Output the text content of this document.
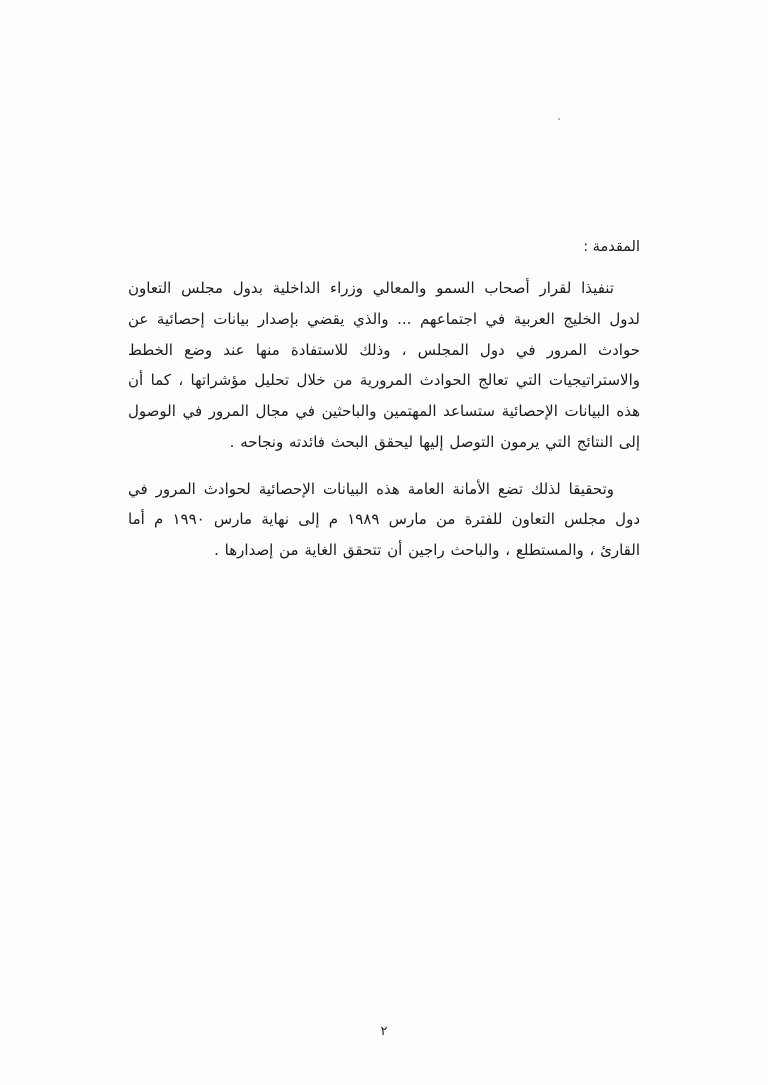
المقدمة :

تنفيذا لقرار أصحاب السمو والمعالي وزراء الداخلية بدول مجلس التعاون لدول الخليج العربية في اجتماعهم ... والذي يقضي بإصدار بيانات إحصائية عن حوادث المرور في دول المجلس ، وذلك للاستفادة منها عند وضع الخطط والاستراتيجيات التي تعالج الحوادث المرورية من خلال تحليل مؤشراتها ، كما أن هذه البيانات الإحصائية ستساعد المهتمين والباحثين في مجال المرور في الوصول إلى النتائج التي يرمون التوصل إليها ليحقق البحث فائدته ونجاحه .

وتحقيقا لذلك تضع الأمانة العامة هذه البيانات الإحصائية لحوادث المرور في دول مجلس التعاون للفترة من مارس ١٩٨٩ م إلى نهاية مارس ١٩٩٠ م أما القارئ ، والمستطلع ، والباحث راجين أن تتحقق الغاية من إصدارها .

٢
